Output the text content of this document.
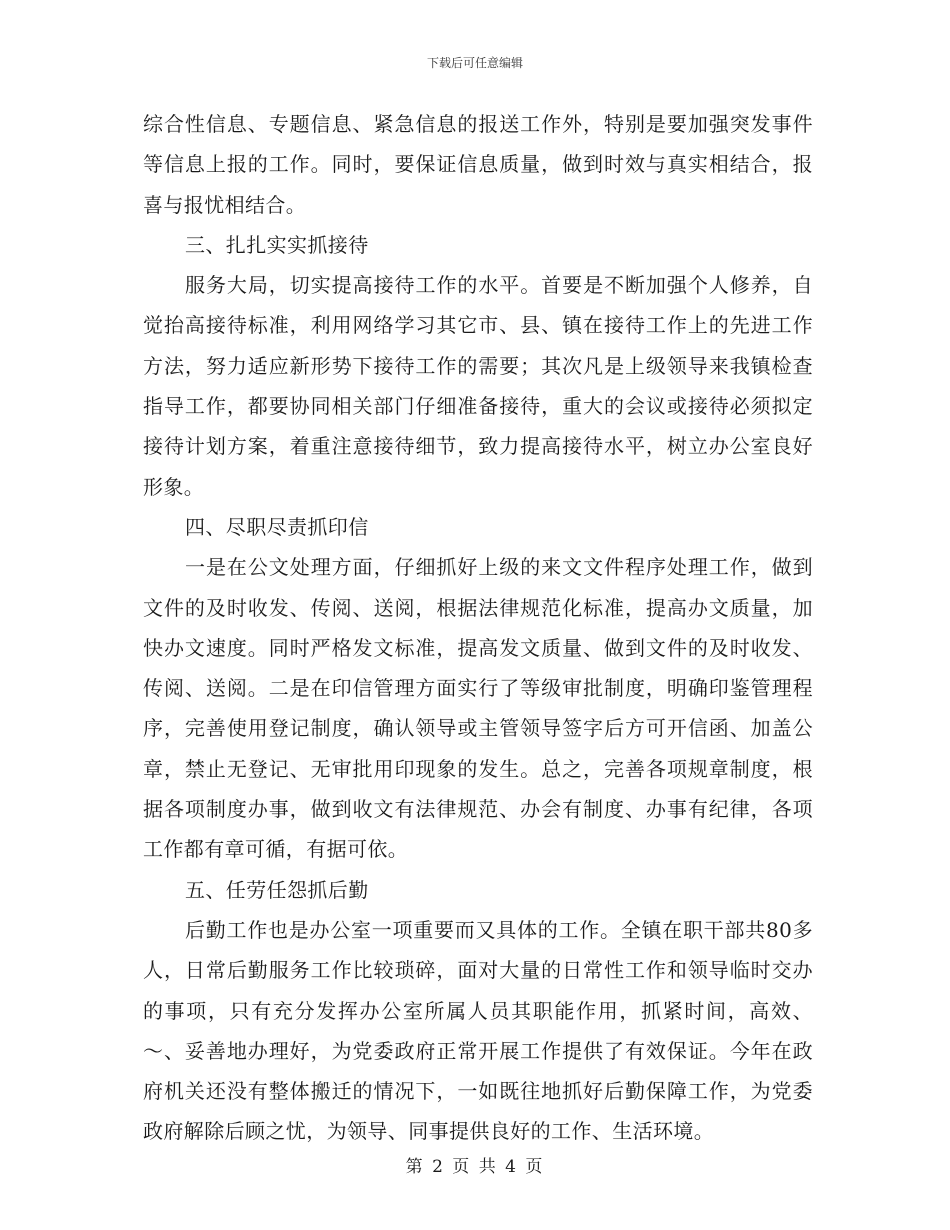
下载后可任意编辑

综合性信息、专题信息、紧急信息的报送工作外，特别是要加强突发事件等信息上报的工作。同时，要保证信息质量，做到时效与真实相结合，报喜与报忧相结合。

三、扎扎实实抓接待

服务大局，切实提高接待工作的水平。首要是不断加强个人修养，自觉抬高接待标准，利用网络学习其它市、县、镇在接待工作上的先进工作方法，努力适应新形势下接待工作的需要；其次凡是上级领导来我镇检查指导工作，都要协同相关部门仔细准备接待，重大的会议或接待必须拟定接待计划方案，着重注意接待细节，致力提高接待水平，树立办公室良好形象。

四、尽职尽责抓印信

一是在公文处理方面，仔细抓好上级的来文文件程序处理工作，做到文件的及时收发、传阅、送阅，根据法律规范化标准，提高办文质量，加快办文速度。同时严格发文标准，提高发文质量、做到文件的及时收发、传阅、送阅。二是在印信管理方面实行了等级审批制度，明确印鉴管理程序，完善使用登记制度，确认领导或主管领导签字后方可开信函、加盖公章，禁止无登记、无审批用印现象的发生。总之，完善各项规章制度，根据各项制度办事，做到收文有法律规范、办会有制度、办事有纪律，各项工作都有章可循，有据可依。

五、任劳任怨抓后勤

后勤工作也是办公室一项重要而又具体的工作。全镇在职干部共80多人，日常后勤服务工作比较琐碎，面对大量的日常性工作和领导临时交办的事项，只有充分发挥办公室所属人员其职能作用，抓紧时间，高效、～、妥善地办理好，为党委政府正常开展工作提供了有效保证。今年在政府机关还没有整体搬迁的情况下，一如既往地抓好后勤保障工作，为党委政府解除后顾之忧，为领导、同事提供良好的工作、生活环境。

第 2 页 共 4 页
